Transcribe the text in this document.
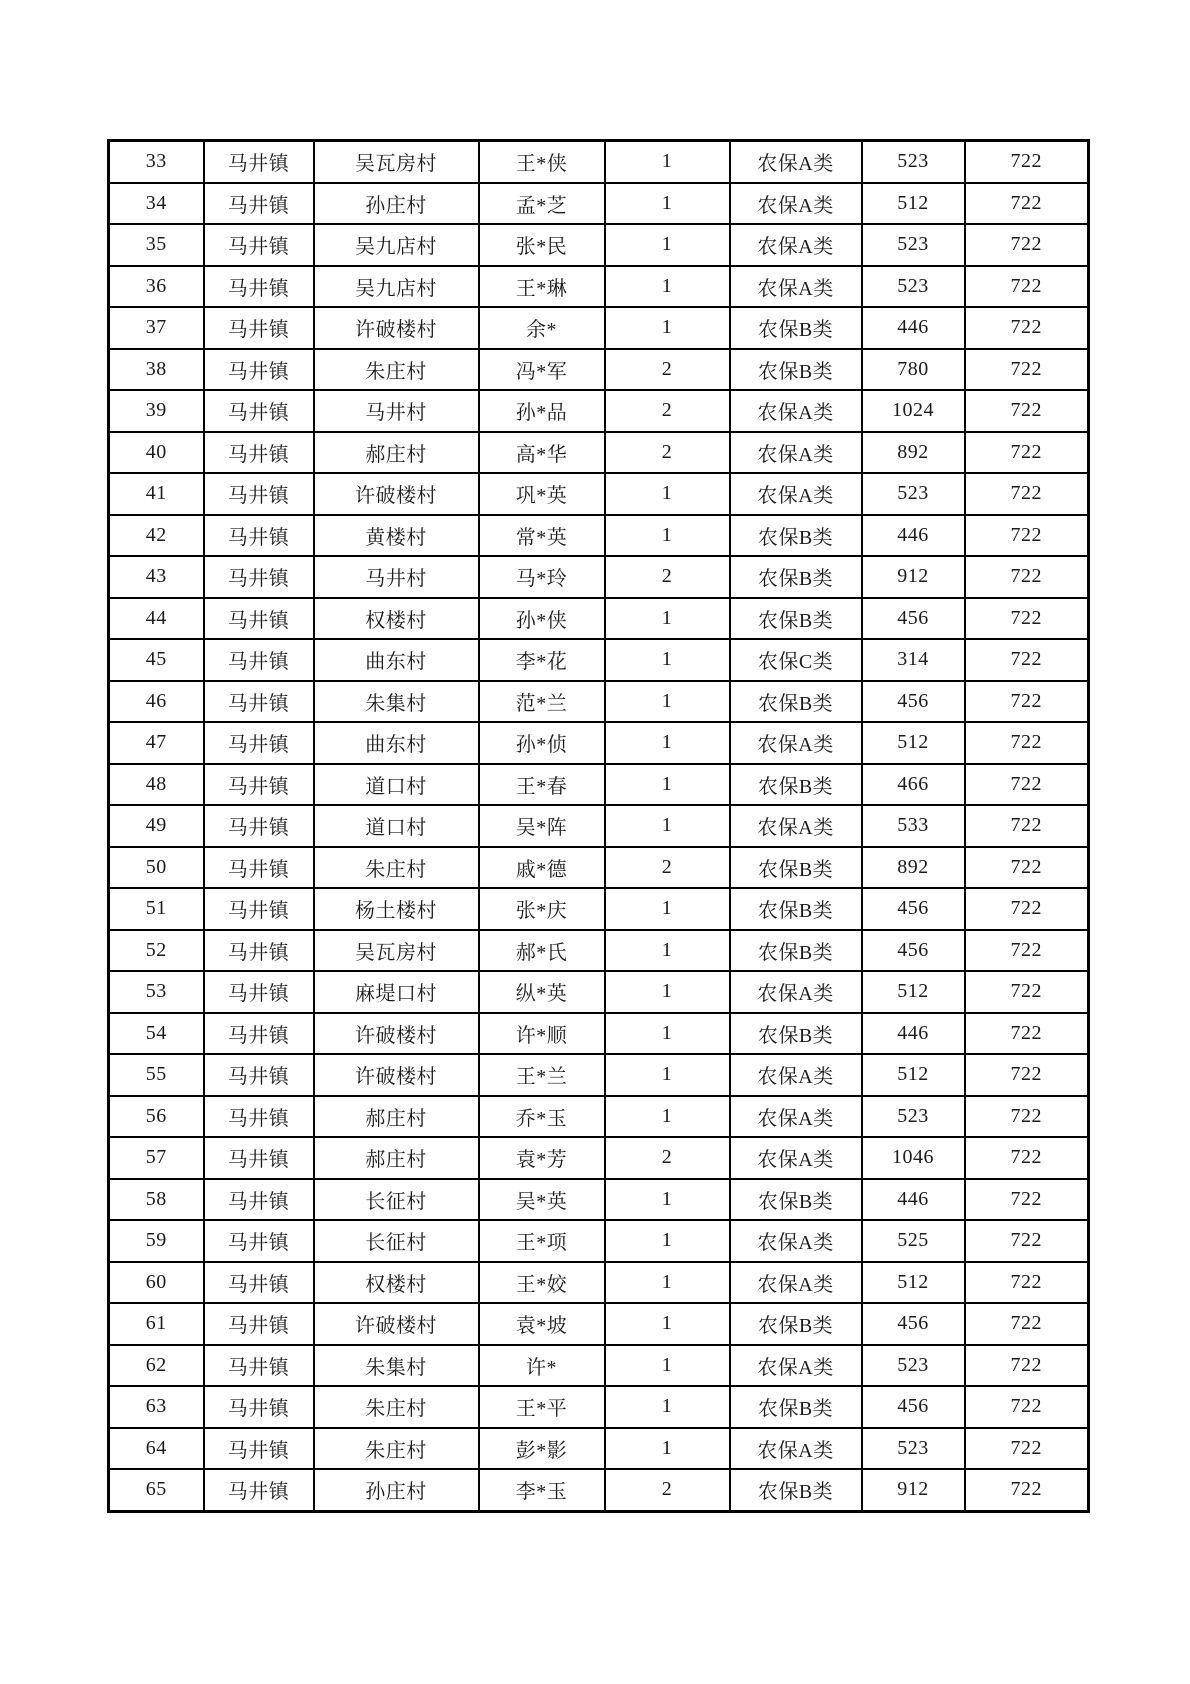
33	马井镇	吴瓦房村	王*侠	1	农保A类	523	722
34	马井镇	孙庄村	孟*芝	1	农保A类	512	722
35	马井镇	吴九店村	张*民	1	农保A类	523	722
36	马井镇	吴九店村	王*琳	1	农保A类	523	722
37	马井镇	许破楼村	余*	1	农保B类	446	722
38	马井镇	朱庄村	冯*军	2	农保B类	780	722
39	马井镇	马井村	孙*品	2	农保A类	1024	722
40	马井镇	郝庄村	高*华	2	农保A类	892	722
41	马井镇	许破楼村	巩*英	1	农保A类	523	722
42	马井镇	黄楼村	常*英	1	农保B类	446	722
43	马井镇	马井村	马*玲	2	农保B类	912	722
44	马井镇	权楼村	孙*侠	1	农保B类	456	722
45	马井镇	曲东村	李*花	1	农保C类	314	722
46	马井镇	朱集村	范*兰	1	农保B类	456	722
47	马井镇	曲东村	孙*侦	1	农保A类	512	722
48	马井镇	道口村	王*春	1	农保B类	466	722
49	马井镇	道口村	吴*阵	1	农保A类	533	722
50	马井镇	朱庄村	戚*德	2	农保B类	892	722
51	马井镇	杨土楼村	张*庆	1	农保B类	456	722
52	马井镇	吴瓦房村	郝*氏	1	农保B类	456	722
53	马井镇	麻堤口村	纵*英	1	农保A类	512	722
54	马井镇	许破楼村	许*顺	1	农保B类	446	722
55	马井镇	许破楼村	王*兰	1	农保A类	512	722
56	马井镇	郝庄村	乔*玉	1	农保A类	523	722
57	马井镇	郝庄村	袁*芳	2	农保A类	1046	722
58	马井镇	长征村	吴*英	1	农保B类	446	722
59	马井镇	长征村	王*项	1	农保A类	525	722
60	马井镇	权楼村	王*姣	1	农保A类	512	722
61	马井镇	许破楼村	袁*坡	1	农保B类	456	722
62	马井镇	朱集村	许*	1	农保A类	523	722
63	马井镇	朱庄村	王*平	1	农保B类	456	722
64	马井镇	朱庄村	彭*影	1	农保A类	523	722
65	马井镇	孙庄村	李*玉	2	农保B类	912	722
